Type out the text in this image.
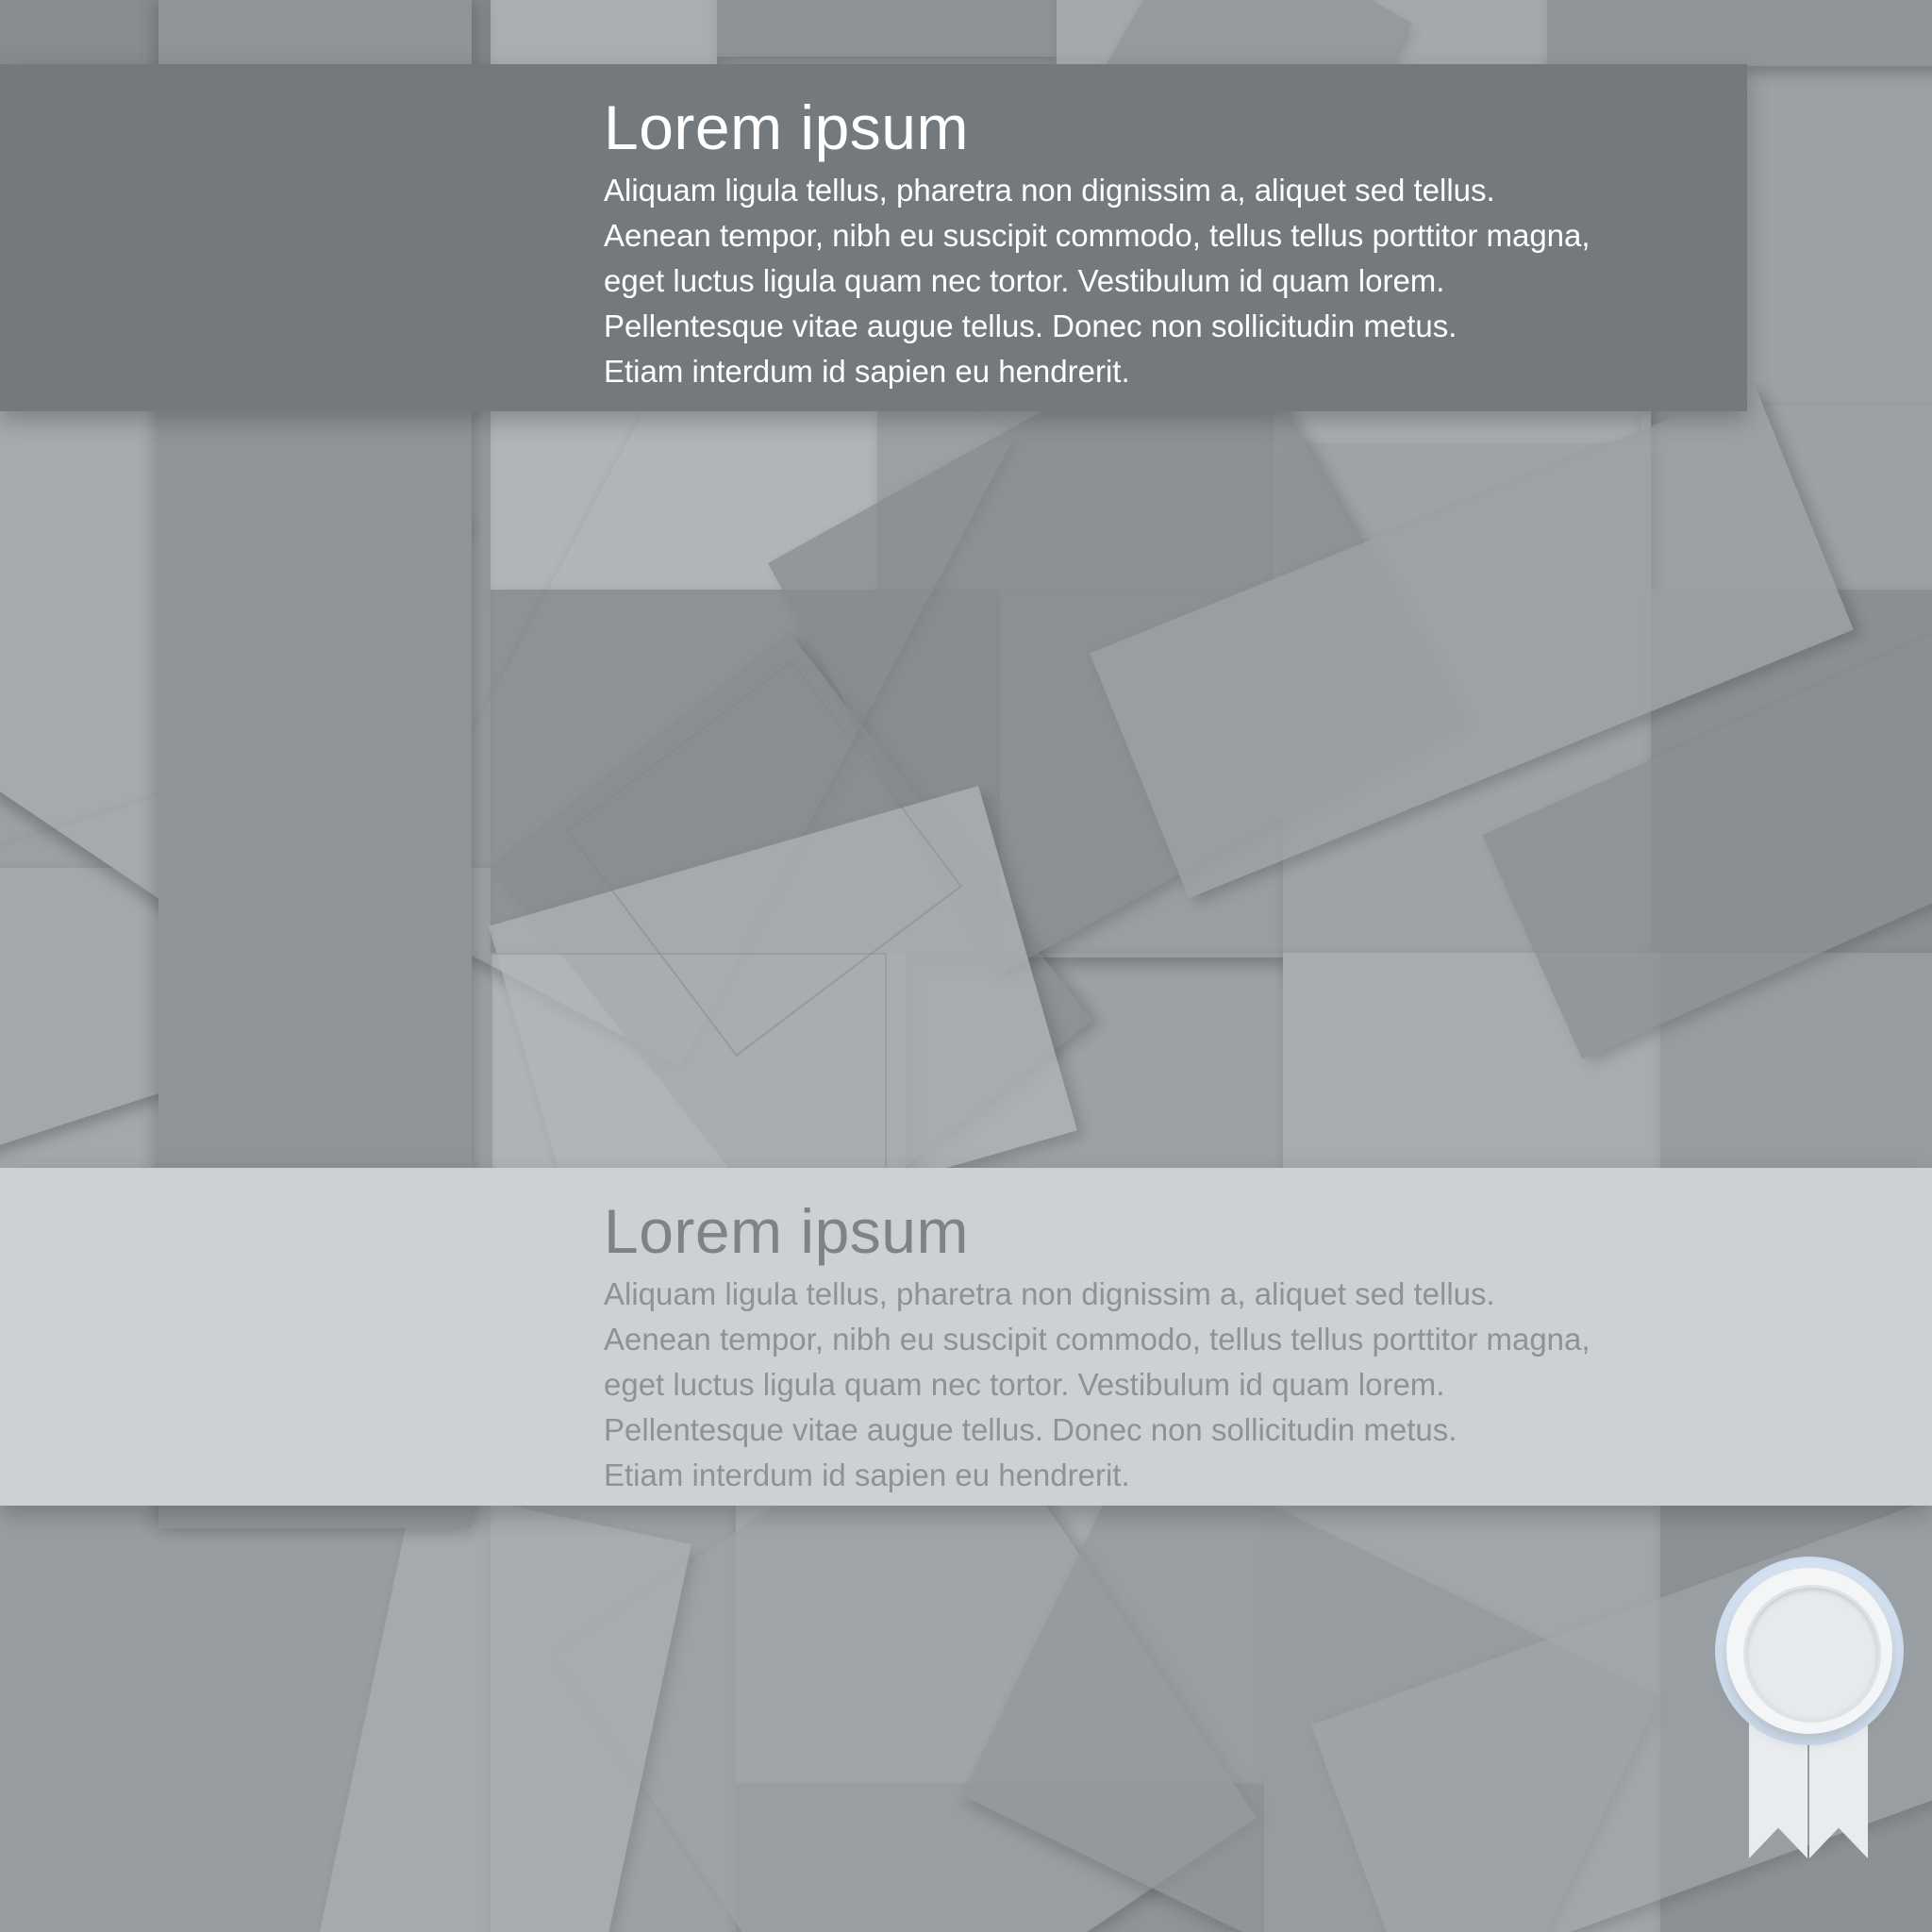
Lorem ipsum
Aliquam ligula tellus, pharetra non dignissim a, aliquet sed tellus.
Aenean tempor, nibh eu suscipit commodo, tellus tellus porttitor magna,
eget luctus ligula quam nec tortor. Vestibulum id quam lorem.
Pellentesque vitae augue tellus. Donec non sollicitudin metus.
Etiam interdum id sapien eu hendrerit.
Lorem ipsum
Aliquam ligula tellus, pharetra non dignissim a, aliquet sed tellus.
Aenean tempor, nibh eu suscipit commodo, tellus tellus porttitor magna,
eget luctus ligula quam nec tortor. Vestibulum id quam lorem.
Pellentesque vitae augue tellus. Donec non sollicitudin metus.
Etiam interdum id sapien eu hendrerit.
